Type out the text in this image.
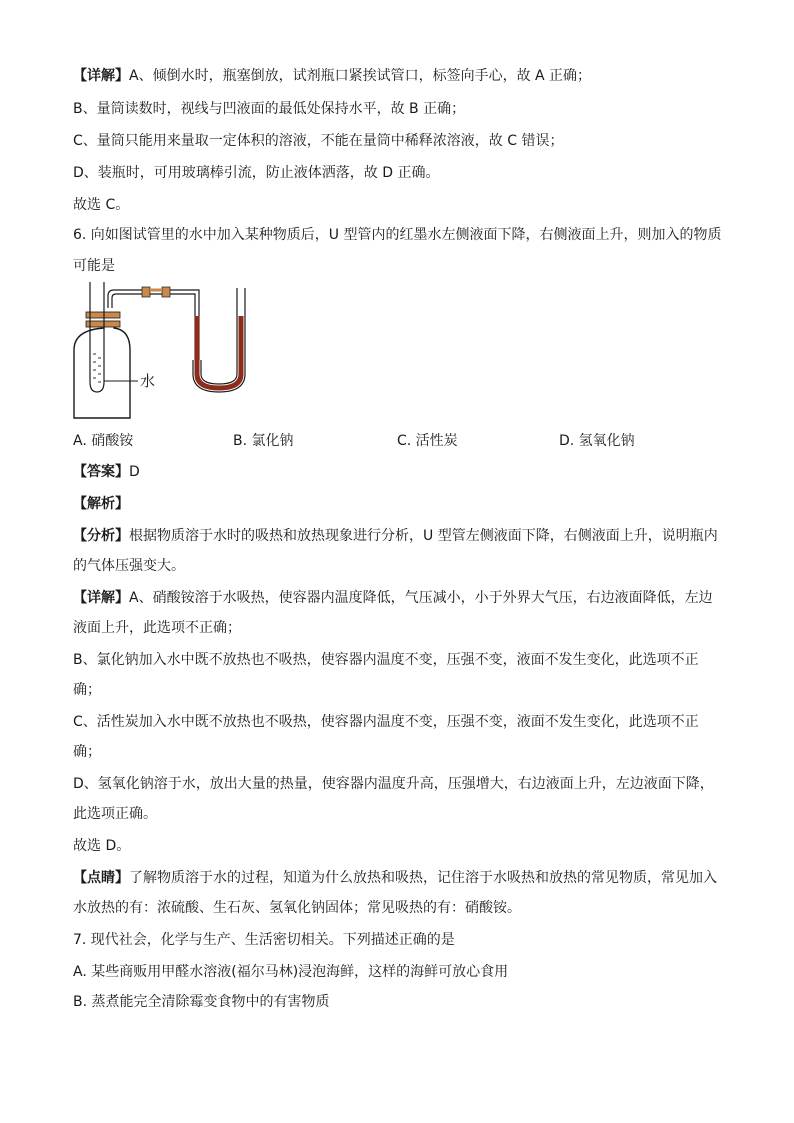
【详解】A、倾倒水时，瓶塞倒放，试剂瓶口紧挨试管口，标签向手心，故 A 正确；
B、量筒读数时，视线与凹液面的最低处保持水平，故 B 正确；
C、量筒只能用来量取一定体积的溶液，不能在量筒中稀释浓溶液，故 C 错误；
D、装瓶时，可用玻璃棒引流，防止液体洒落，故 D 正确。
故选 C。
6. 向如图试管里的水中加入某种物质后，U 型管内的红墨水左侧液面下降，右侧液面上升，则加入的物质
可能是
水
A. 硝酸铵	B. 氯化钠	C. 活性炭	D. 氢氧化钠
【答案】D
【解析】
【分析】根据物质溶于水时的吸热和放热现象进行分析，U 型管左侧液面下降，右侧液面上升，说明瓶内
的气体压强变大。
【详解】A、硝酸铵溶于水吸热，使容器内温度降低，气压减小，小于外界大气压，右边液面降低，左边
液面上升，此选项不正确；
B、氯化钠加入水中既不放热也不吸热，使容器内温度不变，压强不变，液面不发生变化，此选项不正
确；
C、活性炭加入水中既不放热也不吸热，使容器内温度不变，压强不变，液面不发生变化，此选项不正
确；
D、氢氧化钠溶于水，放出大量的热量，使容器内温度升高，压强增大，右边液面上升，左边液面下降，
此选项正确。
故选 D。
【点睛】了解物质溶于水的过程，知道为什么放热和吸热，记住溶于水吸热和放热的常见物质，常见加入
水放热的有：浓硫酸、生石灰、氢氧化钠固体；常见吸热的有：硝酸铵。
7. 现代社会，化学与生产、生活密切相关。下列描述正确的是
A. 某些商贩用甲醛水溶液(福尔马林)浸泡海鲜，这样的海鲜可放心食用
B. 蒸煮能完全清除霉变食物中的有害物质
